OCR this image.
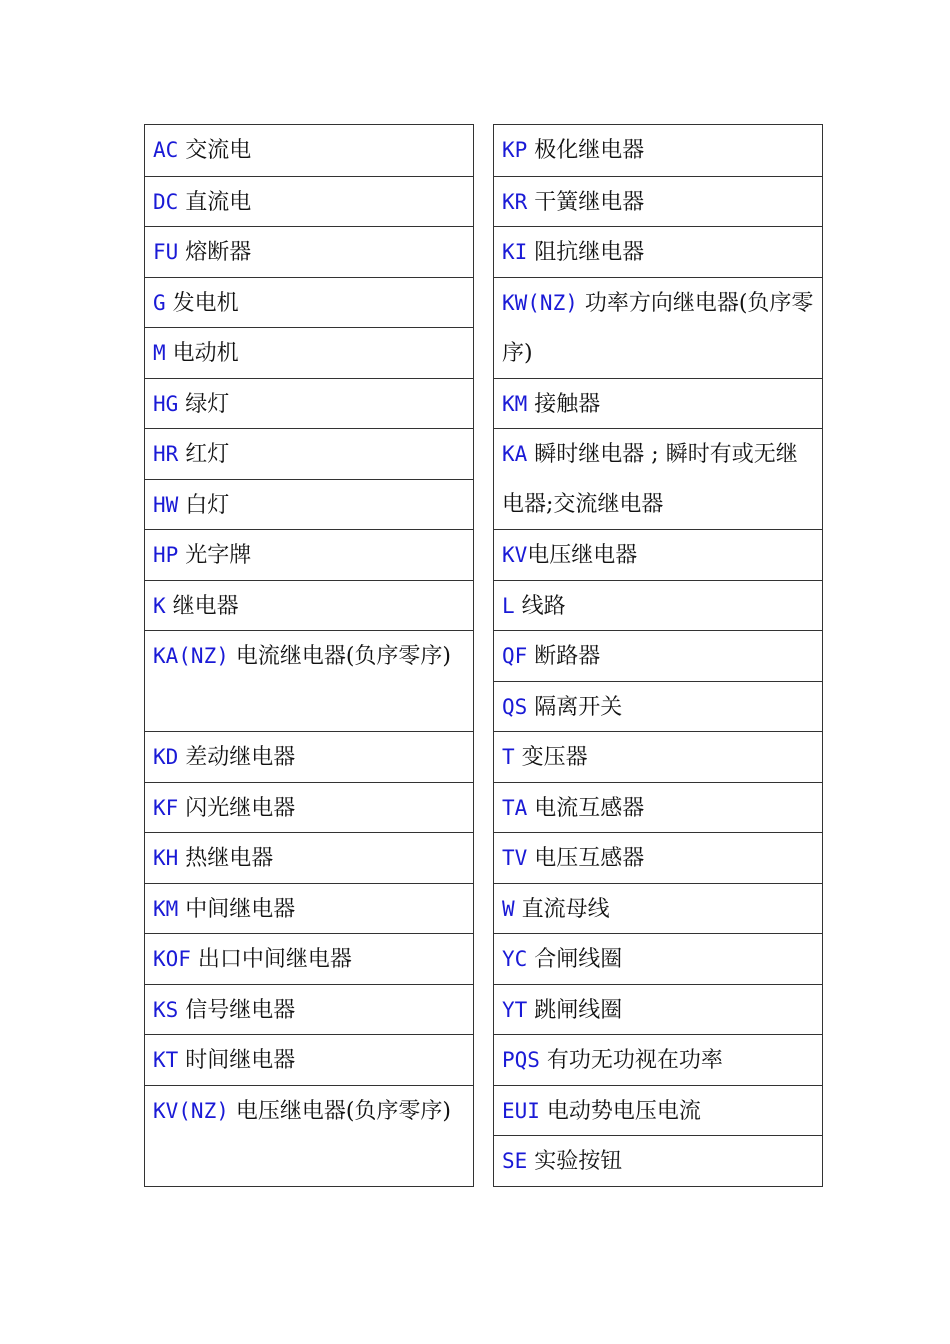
AC 交流电
DC 直流电
FU 熔断器
G 发电机
M 电动机
HG 绿灯
HR 红灯
HW 白灯
HP 光字牌
K 继电器
KA(NZ) 电流继电器(负序零序)
KD 差动继电器
KF 闪光继电器
KH 热继电器
KM 中间继电器
KOF 出口中间继电器
KS 信号继电器
KT 时间继电器
KV(NZ) 电压继电器(负序零序)
KP 极化继电器
KR 干簧继电器
KI 阻抗继电器
KW(NZ) 功率方向继电器(负序零序)
KM 接触器
KA 瞬时继电器 ; 瞬时有或无继电器;交流继电器
KV电压继电器
L 线路
QF 断路器
QS 隔离开关
T 变压器
TA 电流互感器
TV 电压互感器
W 直流母线
YC 合闸线圈
YT 跳闸线圈
PQS 有功无功视在功率
EUI 电动势电压电流
SE 实验按钮
